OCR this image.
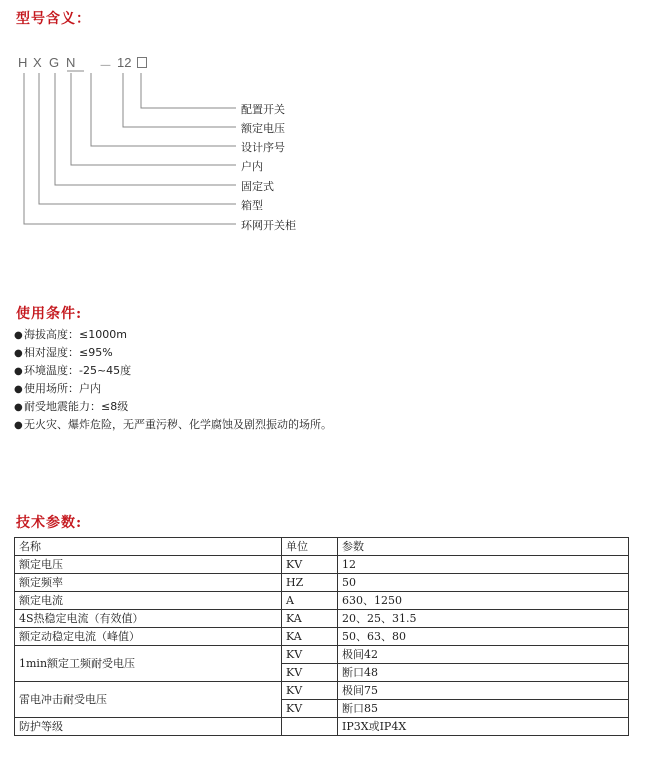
型号含义：
H X G N － 12
配置开关
额定电压
设计序号
户内
固定式
箱型
环网开关柜
使用条件:
●海拔高度：≤1000m
●相对湿度：≤95%
●环境温度：-25~45度
●使用场所：户内
●耐受地震能力：≤8级
●无火灾、爆炸危险，无严重污秽、化学腐蚀及剧烈振动的场所。
技术参数:
名称	单位	参数
额定电压	KV	12
额定频率	HZ	50
额定电流	A	630、1250
4S热稳定电流（有效值）	KA	20、25、31.5
额定动稳定电流（峰值）	KA	50、63、80
1min额定工频耐受电压	KV	极间42
	KV	断口48
雷电冲击耐受电压	KV	极间75
	KV	断口85
防护等级		IP3X或IP4X
